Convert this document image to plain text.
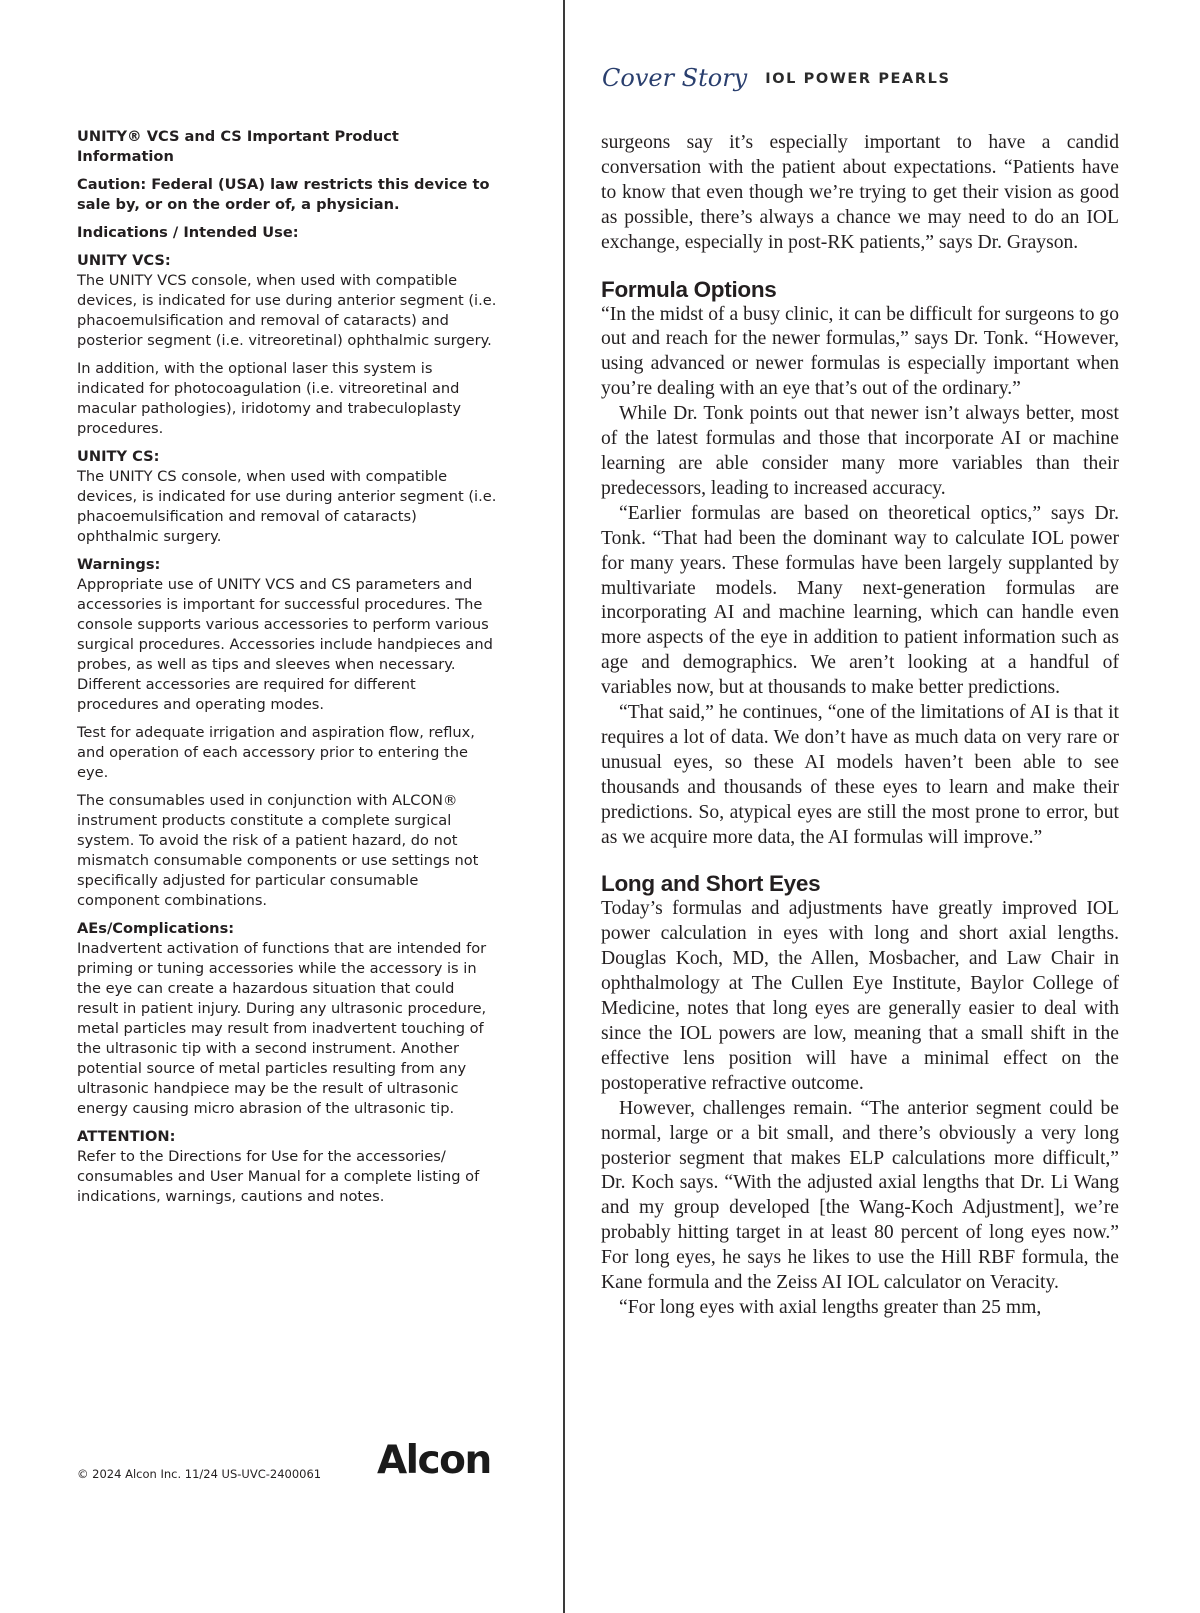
UNITY® VCS and CS Important Product Information
Caution: Federal (USA) law restricts this device to sale by, or on the order of, a physician.
Indications / Intended Use:
UNITY VCS:

The UNITY VCS console, when used with compatible devices, is indicated for use during anterior segment (i.e. phacoemulsification and removal of cataracts) and posterior segment (i.e. vitreoretinal) ophthalmic surgery.

In addition, with the optional laser this system is indicated for photocoagulation (i.e. vitreoretinal and macular pathologies), iridotomy and trabeculoplasty procedures.

UNITY CS:

The UNITY CS console, when used with compatible devices, is indicated for use during anterior segment (i.e. phacoemulsification and removal of cataracts) ophthalmic surgery.

Warnings:

Appropriate use of UNITY VCS and CS parameters and accessories is important for successful procedures. The console supports various accessories to perform various surgical procedures. Accessories include handpieces and probes, as well as tips and sleeves when necessary. Different accessories are required for different procedures and operating modes.

Test for adequate irrigation and aspiration flow, reflux, and operation of each accessory prior to entering the eye.

The consumables used in conjunction with ALCON® instrument products constitute a complete surgical system. To avoid the risk of a patient hazard, do not mismatch consumable components or use settings not specifically adjusted for particular consumable component combinations.

AEs/Complications:

Inadvertent activation of functions that are intended for priming or tuning accessories while the accessory is in the eye can create a hazardous situation that could result in patient injury. During any ultrasonic procedure, metal particles may result from inadvertent touching of the ultrasonic tip with a second instrument. Another potential source of metal particles resulting from any ultrasonic handpiece may be the result of ultrasonic energy causing micro abrasion of the ultrasonic tip.

ATTENTION:

Refer to the Directions for Use for the accessories/ consumables and User Manual for a complete listing of indications, warnings, cautions and notes.

© 2024 Alcon Inc. 11/24 US-UVC-2400061 Alcon
Cover Story IOL POWER PEARLS

surgeons say it’s especially important to have a candid conversation with the patient about expectations. “Patients have to know that even though we’re trying to get their vision as good as possible, there’s always a chance we may need to do an IOL exchange, especially in post-RK patients,” says Dr. Grayson.

Formula Options

“In the midst of a busy clinic, it can be difficult for surgeons to go out and reach for the newer formulas,” says Dr. Tonk. “However, using advanced or newer formulas is especially important when you’re dealing with an eye that’s out of the ordinary.”

While Dr. Tonk points out that newer isn’t always better, most of the latest formulas and those that incorporate AI or machine learning are able consider many more variables than their predecessors, leading to increased accuracy.

“Earlier formulas are based on theoretical optics,” says Dr. Tonk. “That had been the dominant way to calculate IOL power for many years. These formulas have been largely supplanted by multivariate models. Many next-generation formulas are incorporating AI and machine learning, which can handle even more aspects of the eye in addition to patient information such as age and demographics. We aren’t looking at a handful of variables now, but at thousands to make better predictions.

“That said,” he continues, “one of the limitations of AI is that it requires a lot of data. We don’t have as much data on very rare or unusual eyes, so these AI models haven’t been able to see thousands and thousands of these eyes to learn and make their predictions. So, atypical eyes are still the most prone to error, but as we acquire more data, the AI formulas will improve.”

Long and Short Eyes

Today’s formulas and adjustments have greatly improved IOL power calculation in eyes with long and short axial lengths. Douglas Koch, MD, the Allen, Mosbacher, and Law Chair in ophthalmology at The Cullen Eye Institute, Baylor College of Medicine, notes that long eyes are generally easier to deal with since the IOL powers are low, meaning that a small shift in the effective lens position will have a minimal effect on the postoperative refractive outcome.

However, challenges remain. “The anterior segment could be normal, large or a bit small, and there’s obviously a very long posterior segment that makes ELP calculations more difficult,” Dr. Koch says. “With the adjusted axial lengths that Dr. Li Wang and my group developed [the Wang-Koch Adjustment], we’re probably hitting target in at least 80 percent of long eyes now.” For long eyes, he says he likes to use the Hill RBF formula, the Kane formula and the Zeiss AI IOL calculator on Veracity.

“For long eyes with axial lengths greater than 25 mm,
